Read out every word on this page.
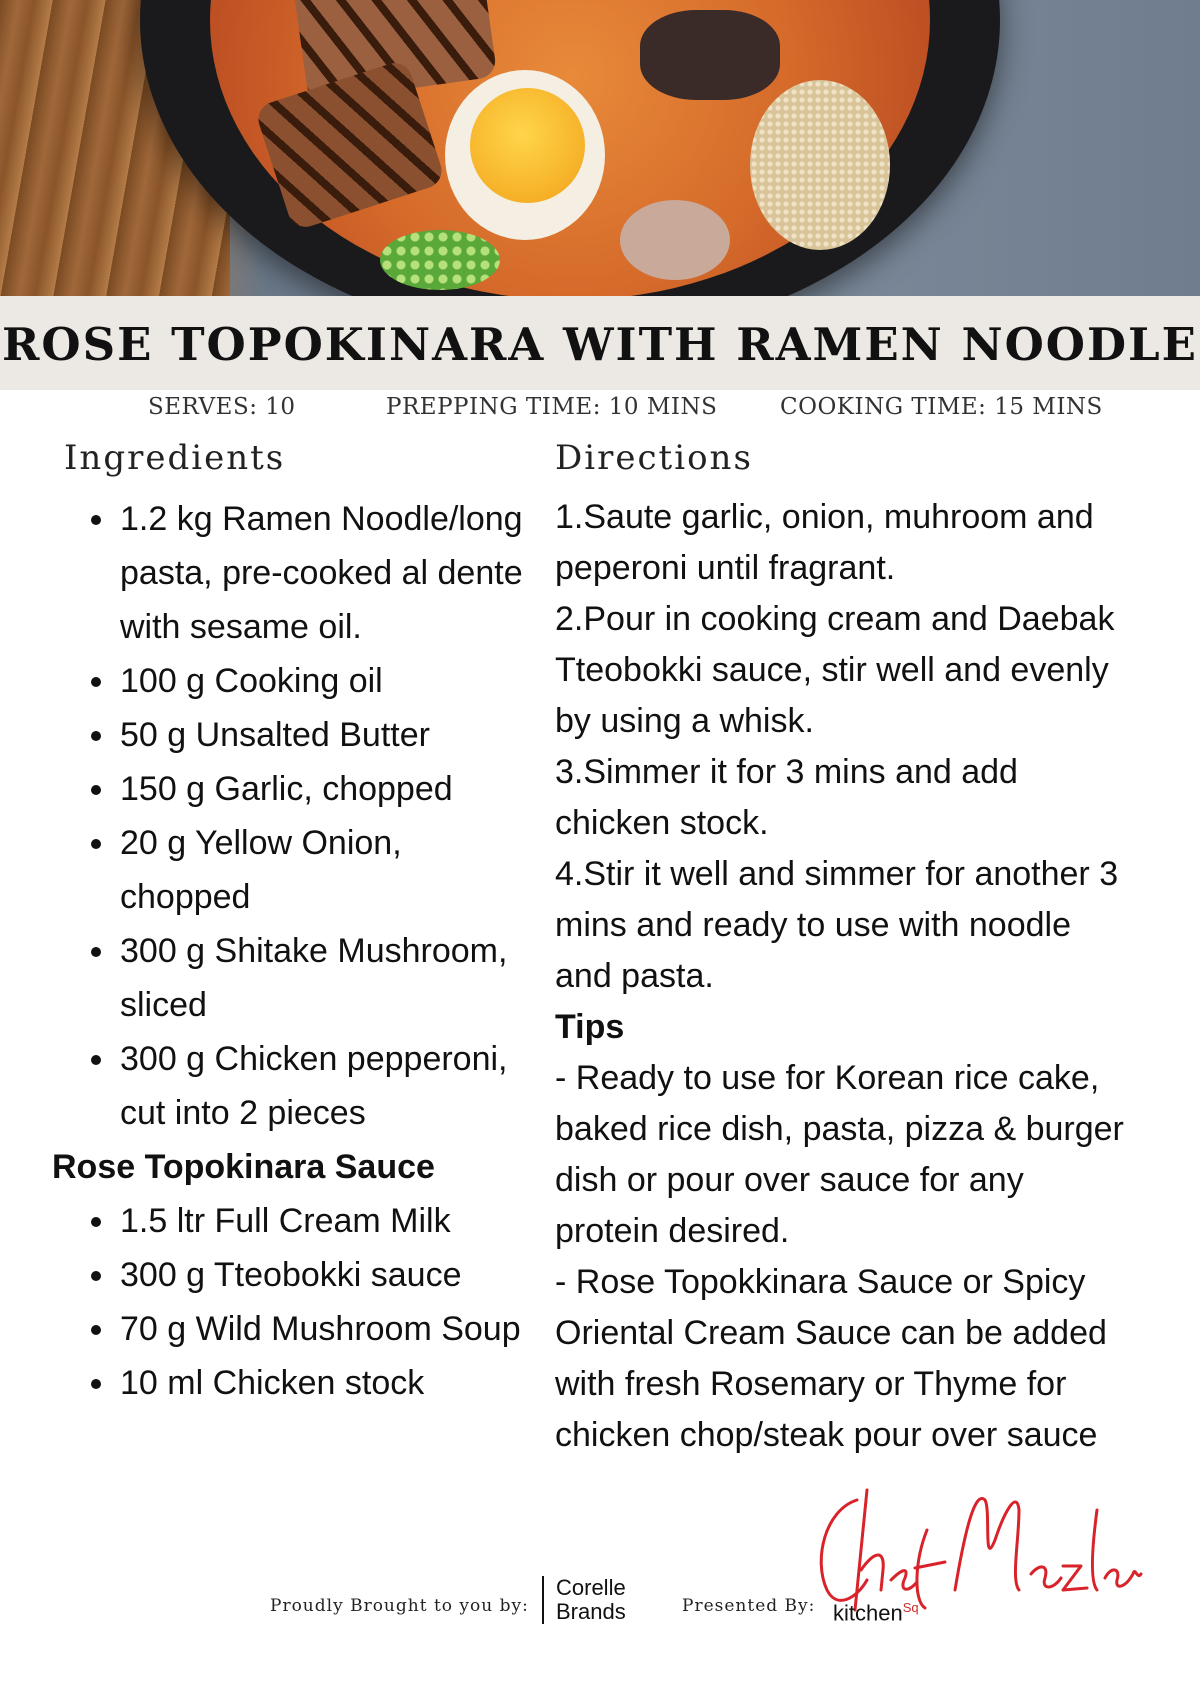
ROSE TOPOKINARA WITH RAMEN NOODLE
SERVES: 10	PREPPING TIME: 10 MINS	COOKING TIME: 15 MINS
Ingredients	Directions
• 1.2 kg Ramen Noodle/long pasta, pre-cooked al dente with sesame oil.
• 100 g Cooking oil
• 50 g Unsalted Butter
• 150 g Garlic, chopped
• 20 g Yellow Onion, chopped
• 300 g Shitake Mushroom, sliced
• 300 g Chicken pepperoni, cut into 2 pieces

Rose Topokinara Sauce

• 1.5 ltr Full Cream Milk
• 300 g Tteobokki sauce
• 70 g Wild Mushroom Soup
• 10 ml Chicken stock

1.Saute garlic, onion, muhroom and peperoni until fragrant.

2.Pour in cooking cream and Daebak Tteobokki sauce, stir well and evenly by using a whisk.

3.Simmer it for 3 mins and add chicken stock.

4.Stir it well and simmer for another 3 mins and ready to use with noodle and pasta.

Tips

- Ready to use for Korean rice cake, baked rice dish, pasta, pizza & burger dish or pour over sauce for any protein desired.

- Rose Topokkinara Sauce or Spicy Oriental Cream Sauce can be added with fresh Rosemary or Thyme for chicken chop/steak pour over sauce

Proudly Brought to you by:
Corelle
Brands	Presented By: kitchen$^{Sq}$
